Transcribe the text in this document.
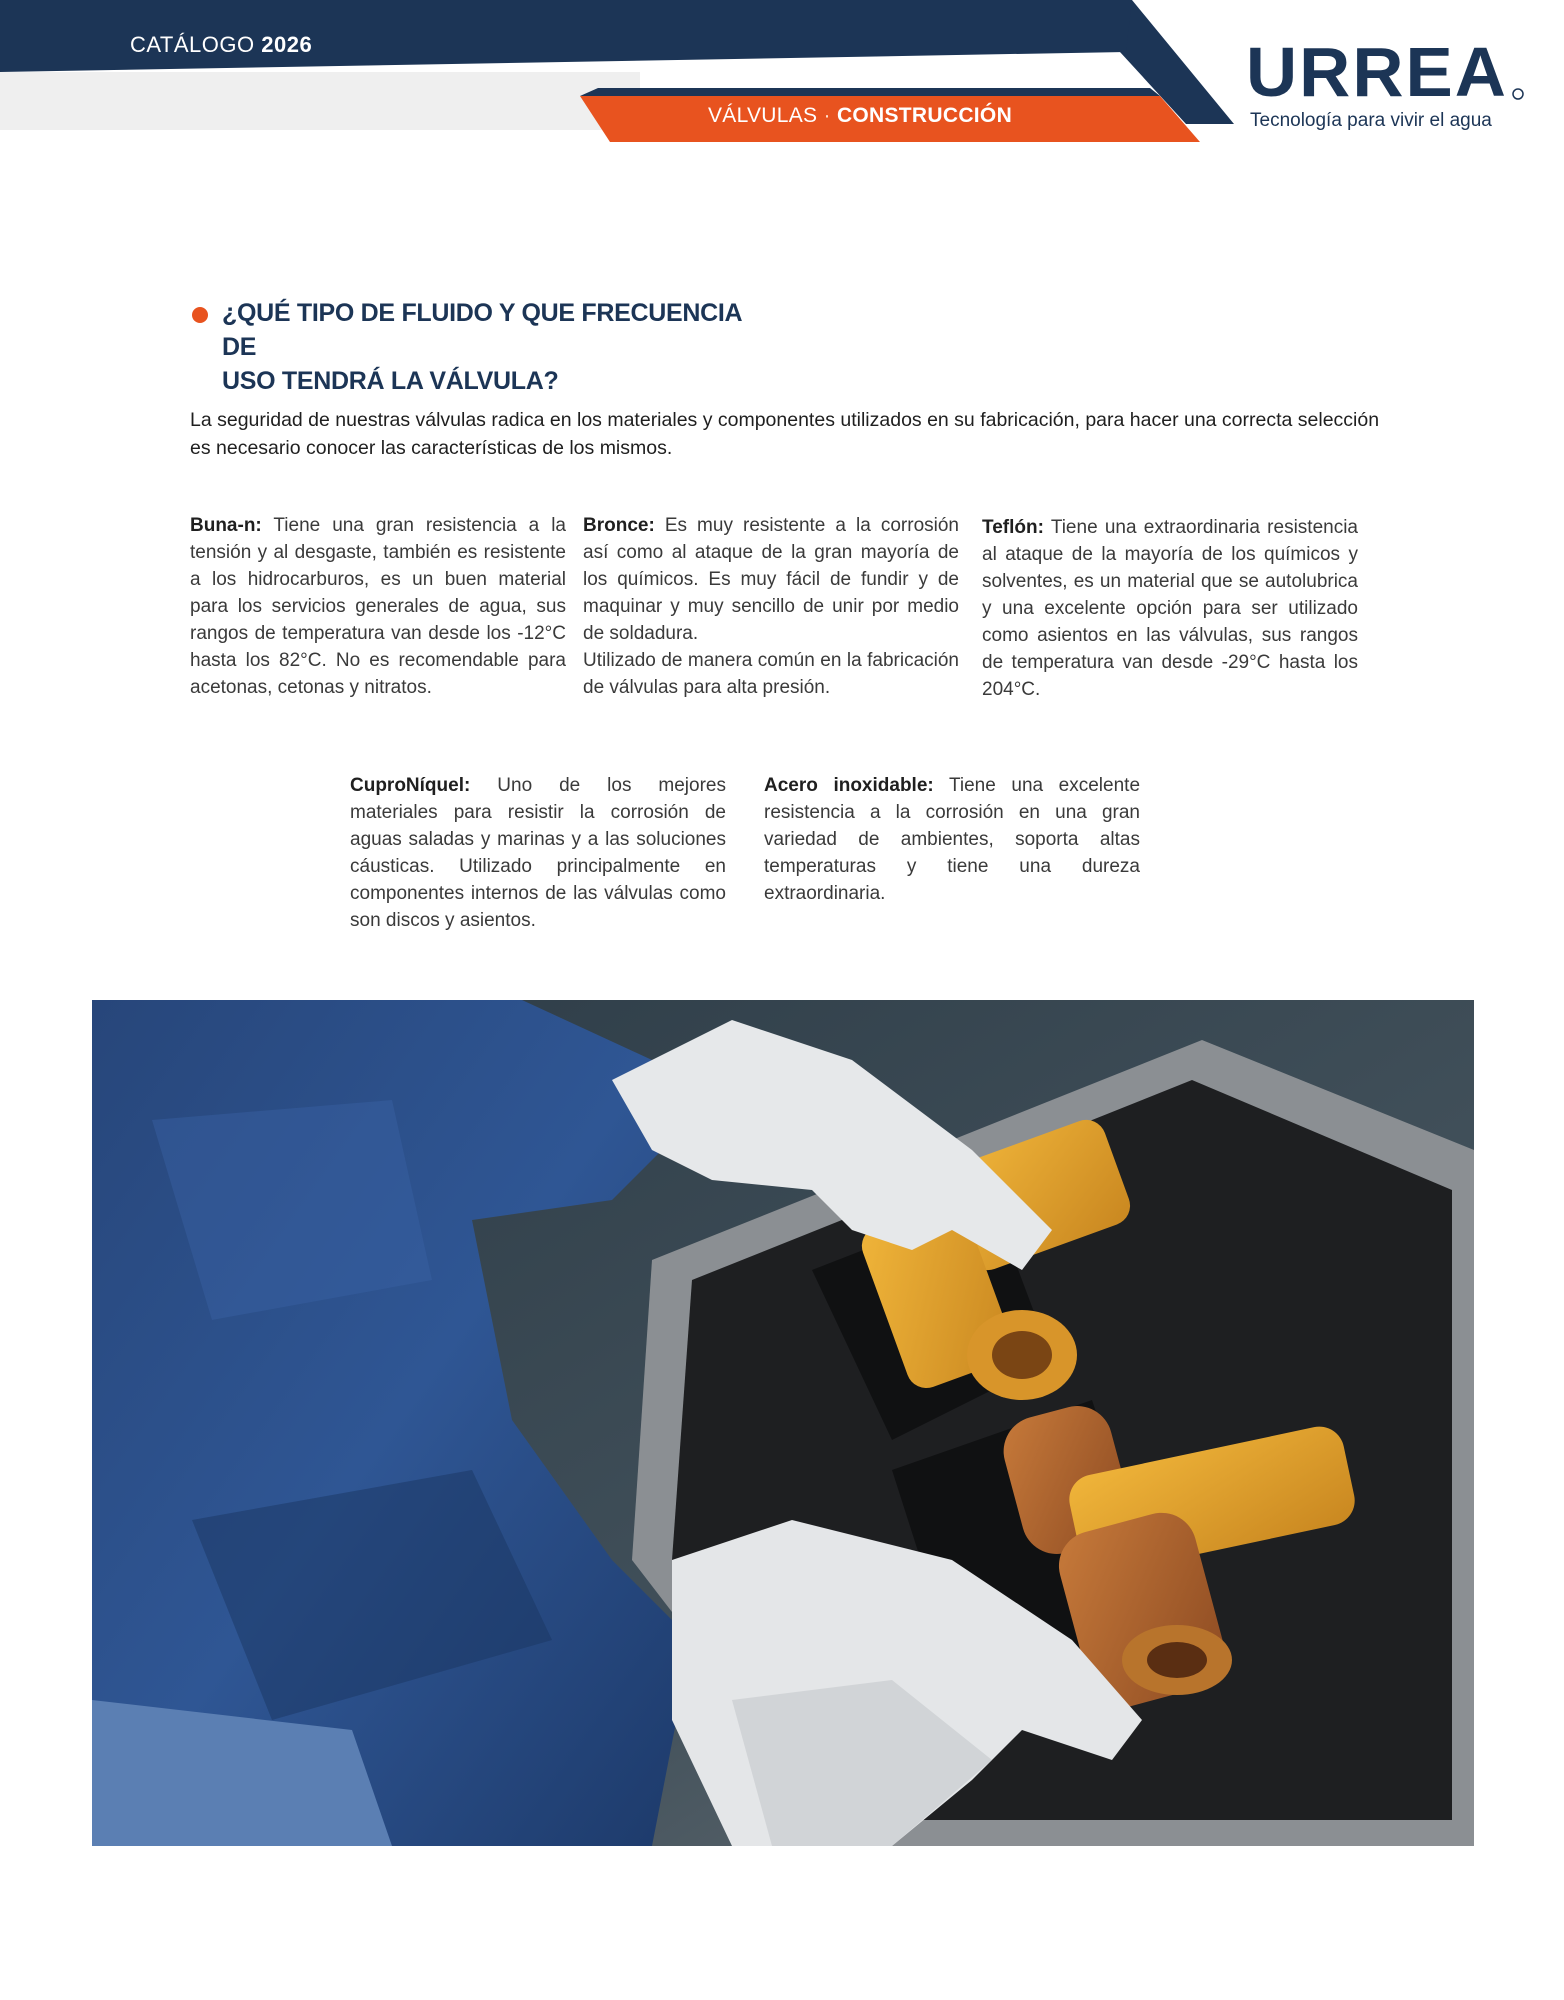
CATÁLOGO 2026
VÁLVULAS · CONSTRUCCIÓN
URREA
Tecnología para vivir el agua
¿QUÉ TIPO DE FLUIDO Y QUE FRECUENCIA DE
USO TENDRÁ LA VÁLVULA?

La seguridad de nuestras válvulas radica en los materiales y componentes utilizados en su fabricación, para hacer una correcta selección es necesario conocer las características de los mismos.

Buna-n: Tiene una gran resistencia a la tensión y al desgaste, también es resistente a los hidrocarburos, es un buen material para los servicios generales de agua, sus rangos de temperatura van desde los -12°C hasta los 82°C. No es recomendable para acetonas, cetonas y nitratos.
Bronce: Es muy resistente a la corrosión así como al ataque de la gran mayoría de los químicos. Es muy fácil de fundir y de maquinar y muy sencillo de unir por medio de soldadura.
Utilizado de manera común en la fabricación de válvulas para alta presión.
Teflón: Tiene una extraordinaria resistencia al ataque de la mayoría de los químicos y solventes, es un material que se autolubrica y una excelente opción para ser utilizado como asientos en las válvulas, sus rangos de temperatura van desde -29°C hasta los 204°C.
CuproNíquel: Uno de los mejores materiales para resistir la corrosión de aguas saladas y marinas y a las soluciones cáusticas. Utilizado principalmente en componentes internos de las válvulas como son discos y asientos.
Acero inoxidable: Tiene una excelente resistencia a la corrosión en una gran variedad de ambientes, soporta altas temperaturas y tiene una dureza extraordinaria.
